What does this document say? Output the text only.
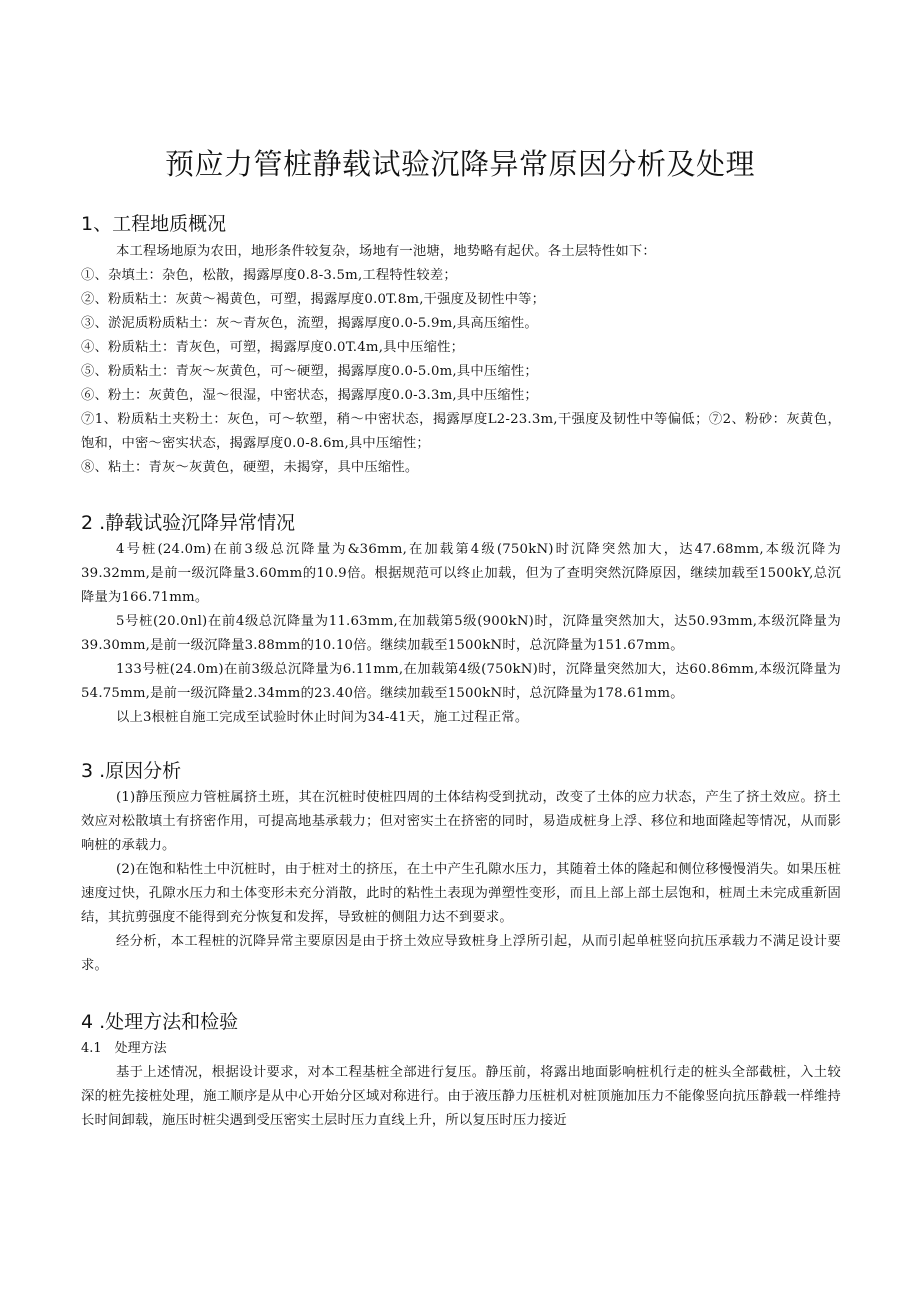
预应力管桩静载试验沉降异常原因分析及处理
1、工程地质概况

本工程场地原为农田，地形条件较复杂，场地有一池塘，地势略有起伏。各土层特性如下：

①、杂填土：杂色，松散，揭露厚度0.8-3.5m,工程特性较差；

②、粉质粘土：灰黄～褐黄色，可塑，揭露厚度0.0T.8m,干强度及韧性中等；

③、淤泥质粉质粘土：灰～青灰色，流塑，揭露厚度0.0-5.9m,具高压缩性。

④、粉质粘土：青灰色，可塑，揭露厚度0.0T.4m,具中压缩性；

⑤、粉质粘土：青灰～灰黄色，可～硬塑，揭露厚度0.0-5.0m,具中压缩性；

⑥、粉土：灰黄色，湿～很湿，中密状态，揭露厚度0.0-3.3m,具中压缩性；

⑦1、粉质粘土夹粉土：灰色，可～软塑，稍～中密状态，揭露厚度L2-23.3m,干强度及韧性中等偏低；⑦2、粉砂：灰黄色，饱和，中密～密实状态，揭露厚度0.0-8.6m,具中压缩性；

⑧、粘土：青灰～灰黄色，硬塑，未揭穿，具中压缩性。

2 .静载试验沉降异常情况

4号桩(24.0m)在前3级总沉降量为&36mm,在加载第4级(750kN)时沉降突然加大，达47.68mm,本级沉降为39.32mm,是前一级沉降量3.60mm的10.9倍。根据规范可以终止加载，但为了查明突然沉降原因，继续加载至1500kY,总沉降量为166.71mm。

5号桩(20.0nl)在前4级总沉降量为11.63mm,在加载第5级(900kN)时，沉降量突然加大，达50.93mm,本级沉降量为39.30mm,是前一级沉降量3.88mm的10.10倍。继续加载至1500kN时，总沉降量为151.67mm。

133号桩(24.0m)在前3级总沉降量为6.11mm,在加载第4级(750kN)时，沉降量突然加大，达60.86mm,本级沉降量为54.75mm,是前一级沉降量2.34mm的23.40倍。继续加载至1500kN时，总沉降量为178.61mm。

以上3根桩自施工完成至试验时休止时间为34-41天，施工过程正常。

3 .原因分析

(1)静压预应力管桩属挤土班，其在沉桩时使桩四周的土体结构受到扰动，改变了土体的应力状态，产生了挤土效应。挤土效应对松散填土有挤密作用，可提高地基承载力；但对密实土在挤密的同时，易造成桩身上浮、移位和地面隆起等情况，从而影响桩的承载力。

(2)在饱和粘性土中沉桩时，由于桩对土的挤压，在土中产生孔隙水压力，其随着土体的隆起和侧位移慢慢消失。如果压桩速度过快，孔隙水压力和土体变形未充分消散，此时的粘性土表现为弹塑性变形，而且上部上部土层饱和，桩周土未完成重新固结，其抗剪强度不能得到充分恢复和发挥，导致桩的侧阻力达不到要求。

经分析，本工程桩的沉降异常主要原因是由于挤土效应导致桩身上浮所引起，从而引起单桩竖向抗压承载力不满足设计要求。

4 .处理方法和检验

4.1　处理方法

基于上述情况，根据设计要求，对本工程基桩全部进行复压。静压前，将露出地面影响桩机行走的桩头全部截桩，入土较深的桩先接桩处理，施工顺序是从中心开始分区域对称进行。由于液压静力压桩机对桩顶施加压力不能像竖向抗压静载一样维持长时间卸载，施压时桩尖遇到受压密实土层时压力直线上升，所以复压时压力接近
